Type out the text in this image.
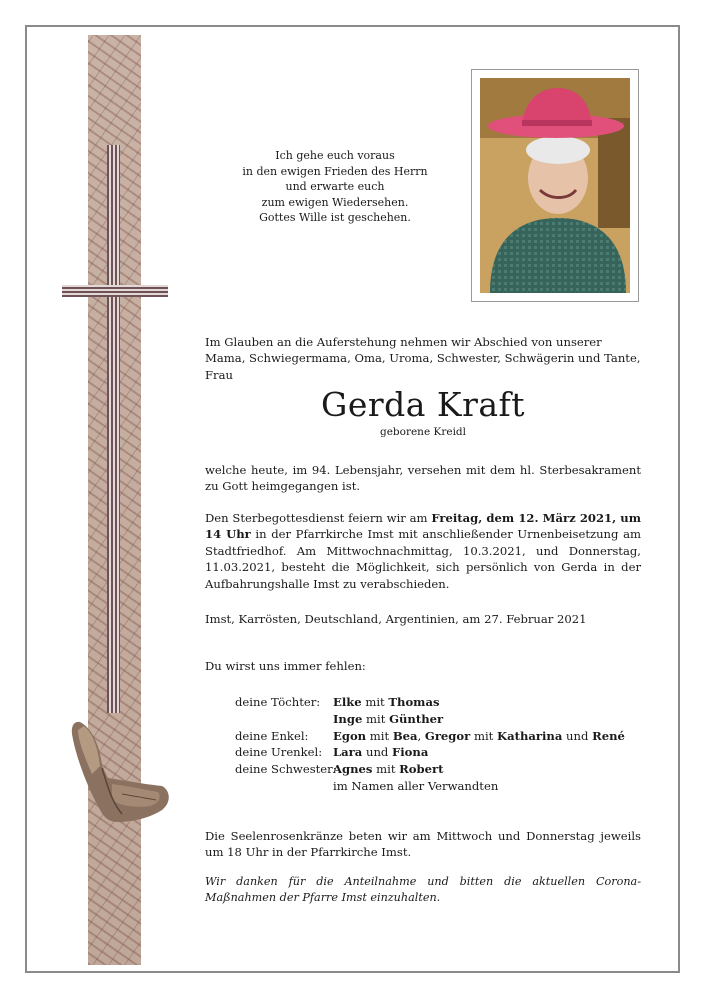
Ich gehe euch voraus
in den ewigen Frieden des Herrn
und erwarte euch
zum ewigen Wiedersehen.
Gottes Wille ist geschehen.
Im Glauben an die Auferstehung nehmen wir Abschied von unserer Mama, Schwiegermama, Oma, Uroma, Schwester, Schwägerin und Tante, Frau
Gerda Kraft
geborene Kreidl
welche heute, im 94. Lebensjahr, versehen mit dem hl. Sterbesakrament zu Gott heimgegangen ist.
Den Sterbegottesdienst feiern wir am Freitag, dem 12. März 2021, um 14 Uhr in der Pfarrkirche Imst mit anschließender Urnenbeisetzung am Stadtfriedhof. Am Mittwochnachmittag, 10.3.2021, und Donnerstag, 11.03.2021, besteht die Möglichkeit, sich persönlich von Gerda in der Aufbahrungshalle Imst zu verabschieden.
Imst, Karrösten, Deutschland, Argentinien, am 27. Februar 2021
Du wirst uns immer fehlen:
deine Töchter:	Elke mit Thomas
Inge mit Günther
deine Enkel:	Egon mit Bea, Gregor mit Katharina und René
deine Urenkel: Lara und Fiona
deine Schwester:
Agnes mit Robert
im Namen aller Verwandten
Die Seelenrosenkränze beten wir am Mittwoch und Donnerstag jeweils um 18 Uhr in der Pfarrkirche Imst.
Wir danken für die Anteilnahme und bitten die aktuellen Corona-Maßnahmen der Pfarre Imst einzuhalten.
